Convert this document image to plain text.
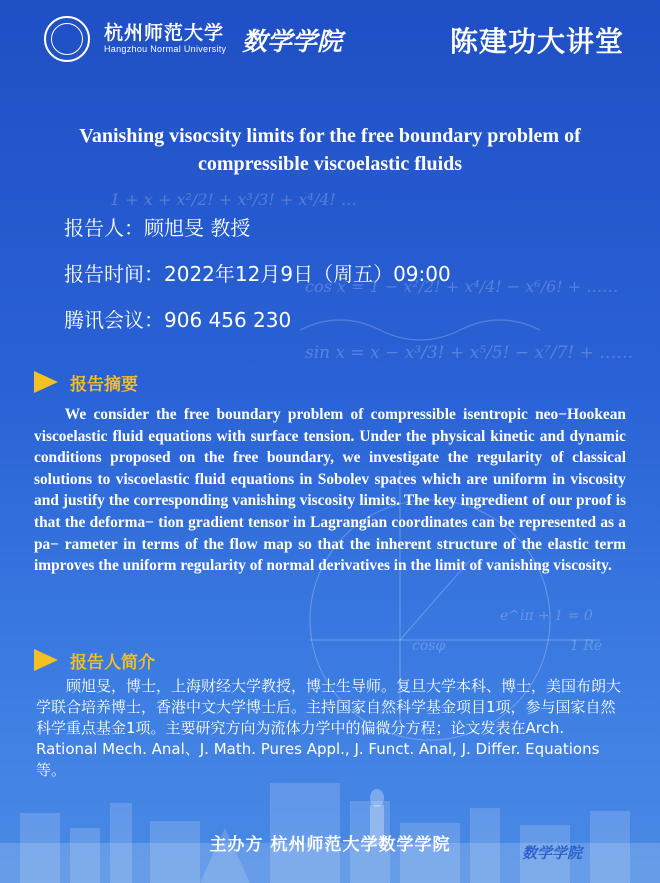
1 + x + x²/2! + x³/3! + x⁴/4! …
cos x = 1 − x²/2! + x⁴/4! − x⁶/6! + ……
sin x = x − x³/3! + x⁵/5! − x⁷/7! + ……
e^iπ + 1 = 0
cosφ	1 Re
杭州师范大学
Hangzhou Normal University 数学学院	陈建功大讲堂
Vanishing visocsity limits for the free boundary problem of compressible viscoelastic fluids
报告人：顾旭旻 教授
报告时间：2022年12月9日（周五）09:00
腾讯会议：906 456 230
报告摘要

We consider the free boundary problem of compressible isentropic neo−Hookean viscoelastic fluid equations with surface tension. Under the physical kinetic and dynamic conditions proposed on the free boundary, we investigate the regularity of classical solutions to viscoelastic fluid equations in Sobolev spaces which are uniform in viscosity and justify the corresponding vanishing viscosity limits. The key ingredient of our proof is that the deforma− tion gradient tensor in Lagrangian coordinates can be represented as a pa− rameter in terms of the flow map so that the inherent structure of the elastic term improves the uniform regularity of normal derivatives in the limit of vanishing viscosity.

报告人简介

顾旭旻，博士，上海财经大学教授，博士生导师。复旦大学本科、博士，美国布朗大学联合培养博士，香港中文大学博士后。主持国家自然科学基金项目1项，参与国家自然科学重点基金1项。主要研究方向为流体力学中的偏微分方程；论文发表在Arch. Rational Mech. Anal、J. Math. Pures Appl., J. Funct. Anal, J. Differ. Equations等。

主办方 杭州师范大学数学学院	数学学院
